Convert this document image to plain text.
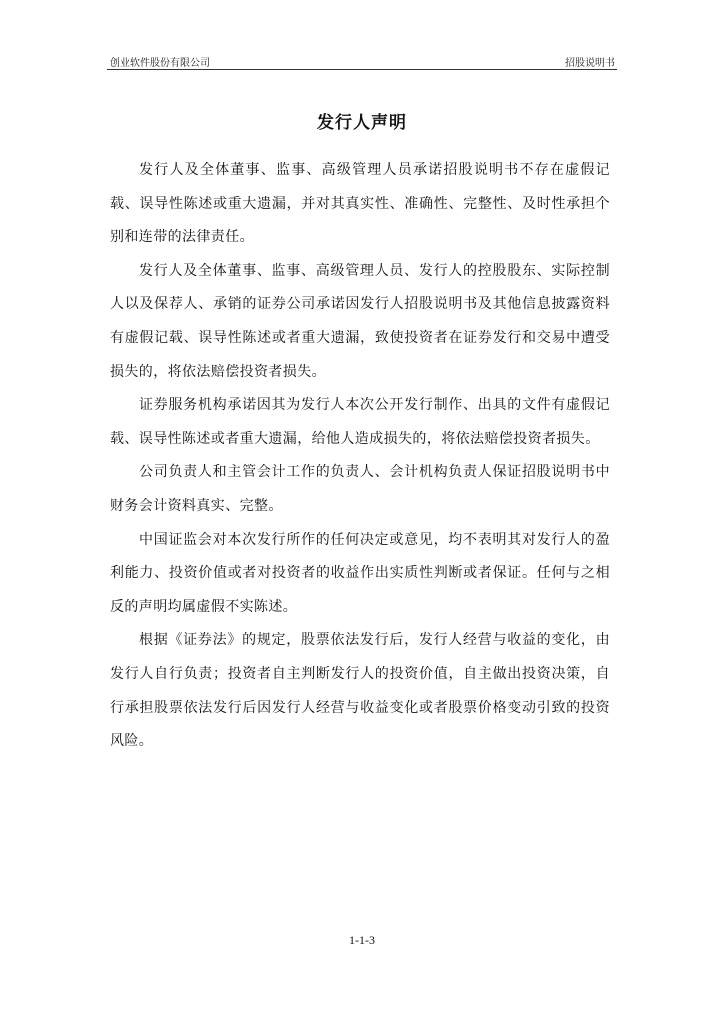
创业软件股份有限公司	招股说明书
发行人声明

发行人及全体董事、监事、高级管理人员承诺招股说明书不存在虚假记载、误导性陈述或重大遗漏，并对其真实性、准确性、完整性、及时性承担个别和连带的法律责任。

发行人及全体董事、监事、高级管理人员、发行人的控股股东、实际控制人以及保荐人、承销的证券公司承诺因发行人招股说明书及其他信息披露资料有虚假记载、误导性陈述或者重大遗漏，致使投资者在证券发行和交易中遭受损失的，将依法赔偿投资者损失。

证券服务机构承诺因其为发行人本次公开发行制作、出具的文件有虚假记载、误导性陈述或者重大遗漏，给他人造成损失的，将依法赔偿投资者损失。

公司负责人和主管会计工作的负责人、会计机构负责人保证招股说明书中财务会计资料真实、完整。

中国证监会对本次发行所作的任何决定或意见，均不表明其对发行人的盈利能力、投资价值或者对投资者的收益作出实质性判断或者保证。任何与之相反的声明均属虚假不实陈述。

根据《证券法》的规定，股票依法发行后，发行人经营与收益的变化，由发行人自行负责；投资者自主判断发行人的投资价值，自主做出投资决策，自行承担股票依法发行后因发行人经营与收益变化或者股票价格变动引致的投资风险。

1-1-3
